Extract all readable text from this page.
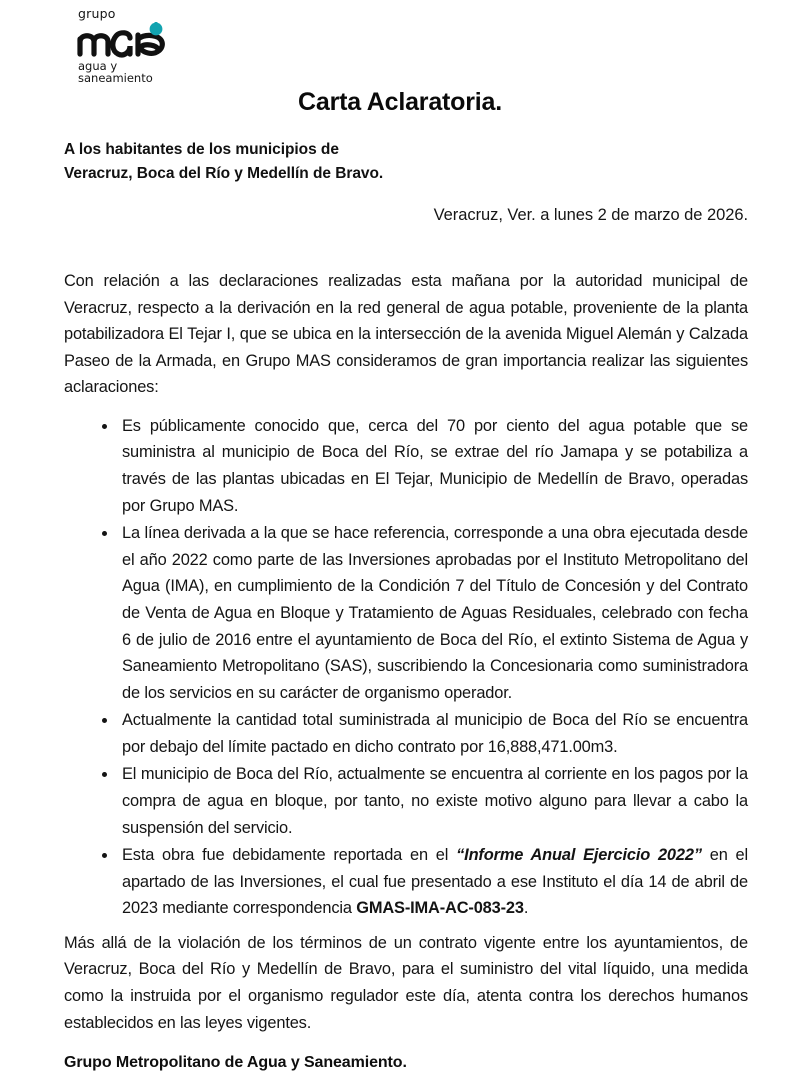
grupo
agua y
saneamiento
Carta Aclaratoria.
A los habitantes de los municipios de
Veracruz, Boca del Río y Medellín de Bravo.
Veracruz, Ver. a lunes 2 de marzo de 2026.

Con relación a las declaraciones realizadas esta mañana por la autoridad municipal de Veracruz, respecto a la derivación en la red general de agua potable, proveniente de la planta potabilizadora El Tejar I, que se ubica en la intersección de la avenida Miguel Alemán y Calzada Paseo de la Armada, en Grupo MAS consideramos de gran importancia realizar las siguientes aclaraciones:

Es públicamente conocido que, cerca del 70 por ciento del agua potable que se suministra al municipio de Boca del Río, se extrae del río Jamapa y se potabiliza a través de las plantas ubicadas en El Tejar, Municipio de Medellín de Bravo, operadas por Grupo MAS.
La línea derivada a la que se hace referencia, corresponde a una obra ejecutada desde el año 2022 como parte de las Inversiones aprobadas por el Instituto Metropolitano del Agua (IMA), en cumplimiento de la Condición 7 del Título de Concesión y del Contrato de Venta de Agua en Bloque y Tratamiento de Aguas Residuales, celebrado con fecha 6 de julio de 2016 entre el ayuntamiento de Boca del Río, el extinto Sistema de Agua y Saneamiento Metropolitano (SAS), suscribiendo la Concesionaria como suministradora de los servicios en su carácter de organismo operador.
Actualmente la cantidad total suministrada al municipio de Boca del Río se encuentra por debajo del límite pactado en dicho contrato por 16,888,471.00m3.
El municipio de Boca del Río, actualmente se encuentra al corriente en los pagos por la compra de agua en bloque, por tanto, no existe motivo alguno para llevar a cabo la suspensión del servicio.
Esta obra fue debidamente reportada en el “Informe Anual Ejercicio 2022” en el apartado de las Inversiones, el cual fue presentado a ese Instituto el día 14 de abril de 2023 mediante correspondencia GMAS-IMA-AC-083-23.

Más allá de la violación de los términos de un contrato vigente entre los ayuntamientos, de Veracruz, Boca del Río y Medellín de Bravo, para el suministro del vital líquido, una medida como la instruida por el organismo regulador este día, atenta contra los derechos humanos establecidos en las leyes vigentes.

Grupo Metropolitano de Agua y Saneamiento.
